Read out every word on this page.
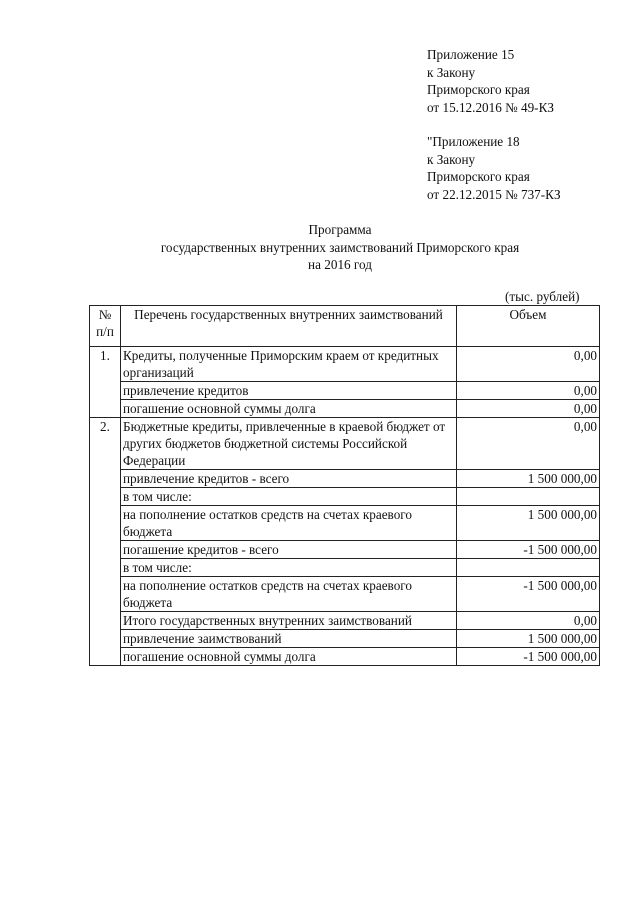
Приложение 15
к Закону
Приморского края
от 15.12.2016 № 49-КЗ
"Приложение 18
к Закону
Приморского края
от 22.12.2015 № 737-КЗ
Программа
государственных внутренних заимствований Приморского края
на 2016 год
(тыс. рублей)
№ п/п	Перечень государственных внутренних заимствований	Объем
1.	Кредиты, полученные Приморским краем от кредитных организаций	0,00
	привлечение кредитов	0,00
	погашение основной суммы долга	0,00
2.	Бюджетные кредиты, привлеченные в краевой бюджет от других бюджетов бюджетной системы Российской Федерации	0,00
	привлечение кредитов - всего	1 500 000,00
	в том числе:	
	на пополнение остатков средств на счетах краевого бюджета	1 500 000,00
	погашение кредитов - всего	-1 500 000,00
	в том числе:	
	на пополнение остатков средств на счетах краевого бюджета	-1 500 000,00
	Итого государственных внутренних заимствований	0,00
	привлечение заимствований	1 500 000,00
	погашение основной суммы долга	-1 500 000,00
